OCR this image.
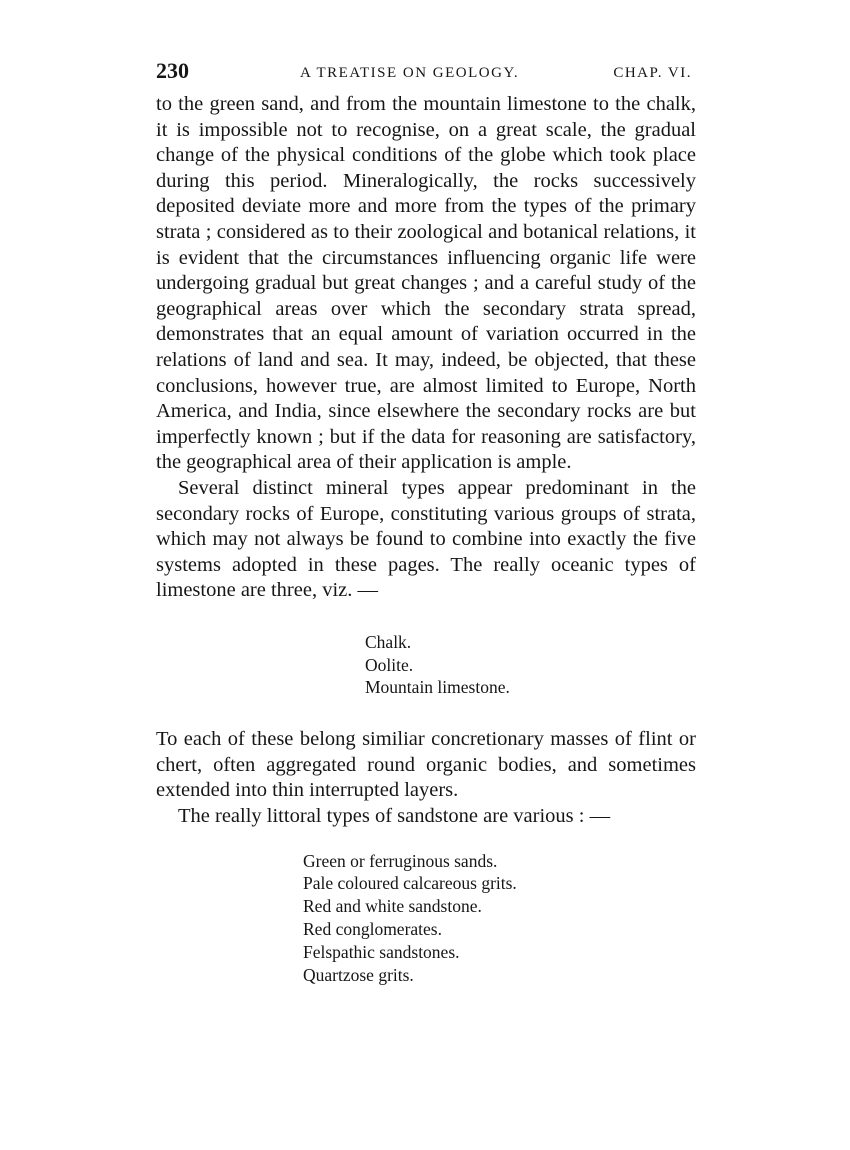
230	A TREATISE ON GEOLOGY.	CHAP. VI.

to the green sand, and from the mountain limestone to the chalk, it is impossible not to recognise, on a great scale, the gradual change of the physical conditions of the globe which took place during this period. Mineralogically, the rocks successively deposited deviate more and more from the types of the primary strata ; considered as to their zoological and botanical relations, it is evident that the circumstances influencing organic life were undergoing gradual but great changes ; and a careful study of the geographical areas over which the secondary strata spread, demonstrates that an equal amount of variation occurred in the relations of land and sea. It may, indeed, be objected, that these conclusions, however true, are almost limited to Europe, North America, and India, since elsewhere the secondary rocks are but imperfectly known ; but if the data for reasoning are satisfactory, the geographical area of their application is ample.

Several distinct mineral types appear predominant in the secondary rocks of Europe, constituting various groups of strata, which may not always be found to combine into exactly the five systems adopted in these pages. The really oceanic types of limestone are three, viz. —

Chalk.
Oolite.
Mountain limestone.

To each of these belong similiar concretionary masses of flint or chert, often aggregated round organic bodies, and sometimes extended into thin interrupted layers.

The really littoral types of sandstone are various : —

Green or ferruginous sands.
Pale coloured calcareous grits.
Red and white sandstone.
Red conglomerates.
Felspathic sandstones.
Quartzose grits.
